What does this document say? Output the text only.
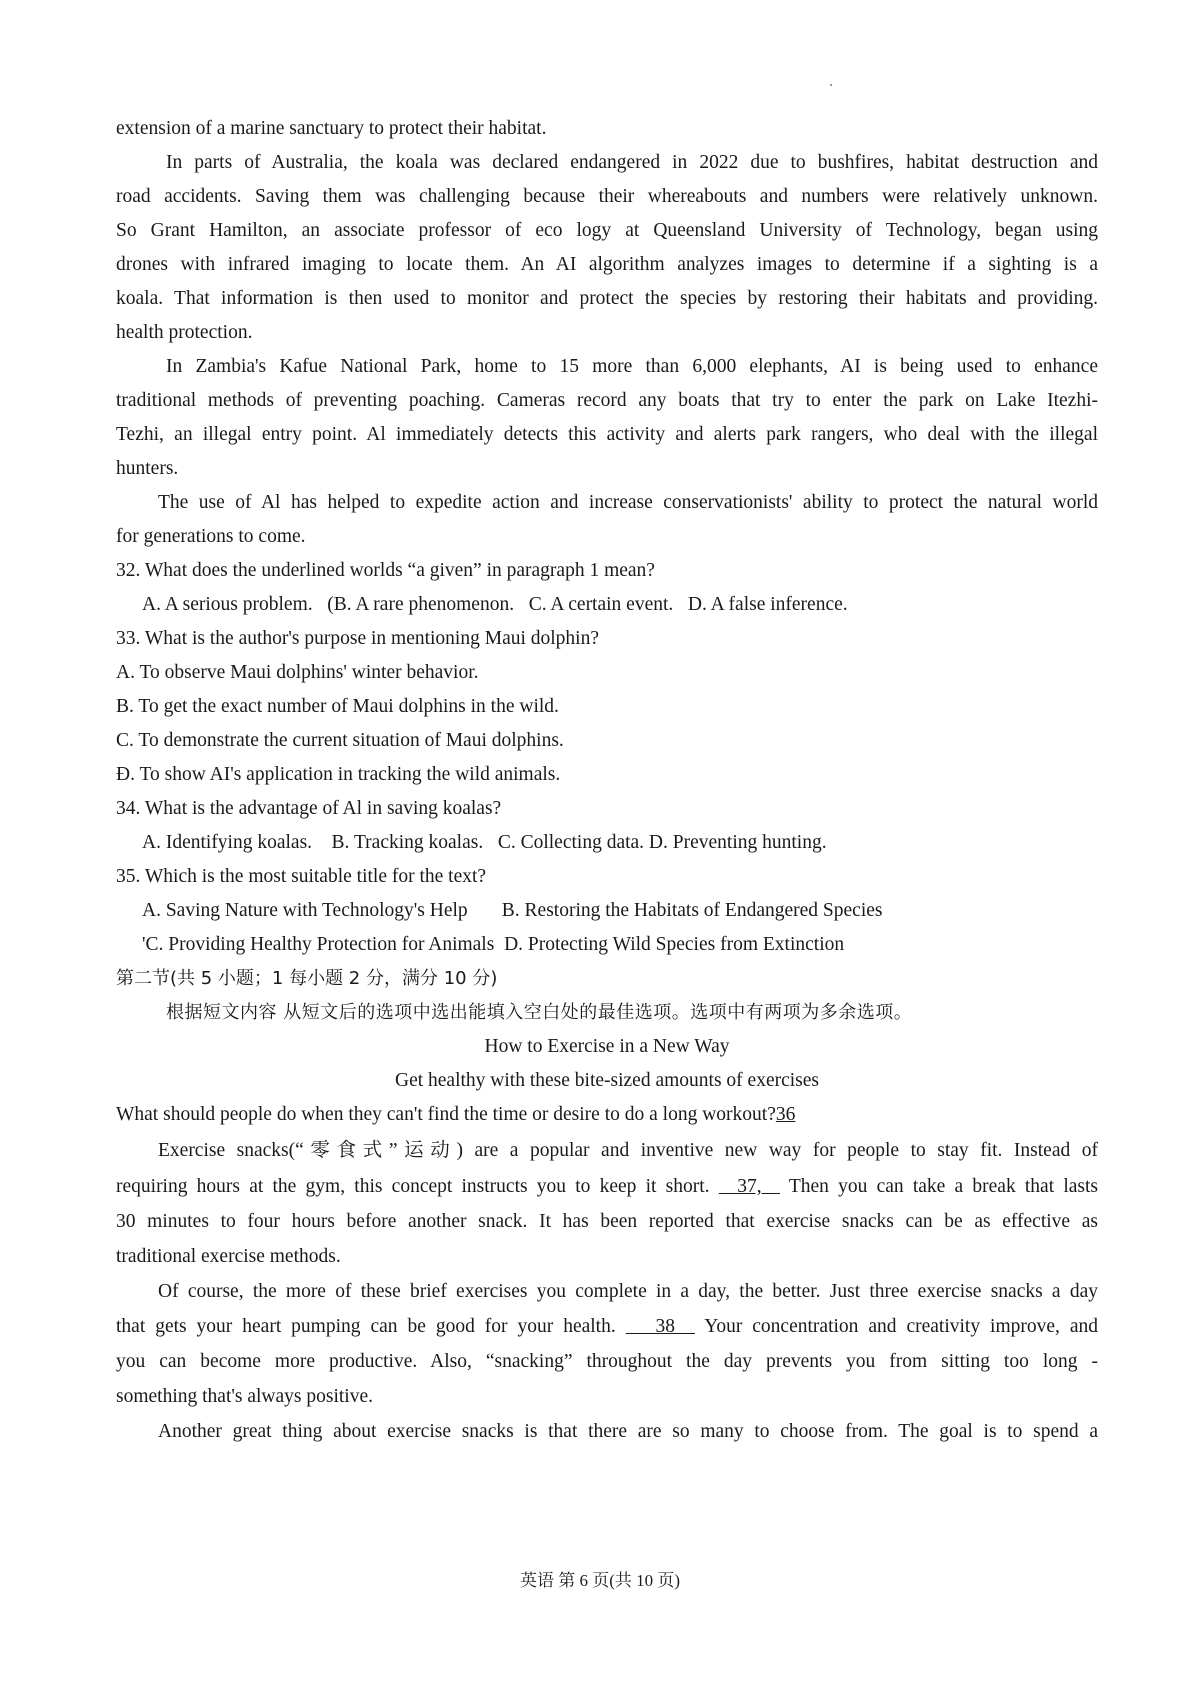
extension of a marine sanctuary to protect their habitat.
In parts of Australia, the koala was declared endangered in 2022 due to bushfires, habitat destruction and
road accidents. Saving them was challenging because their whereabouts and numbers were relatively unknown.
So Grant Hamilton, an associate professor of eco logy at Queensland University of Technology, began using
drones with infrared imaging to locate them. An AI algorithm analyzes images to determine if a sighting is a
koala. That information is then used to monitor and protect the species by restoring their habitats and providing.
health protection.
In Zambia's Kafue National Park, home to 15 more than 6,000 elephants, AI is being used to enhance
traditional methods of preventing poaching. Cameras record any boats that try to enter the park on Lake Itezhi-
Tezhi, an illegal entry point. Al immediately detects this activity and alerts park rangers, who deal with the illegal
hunters.
The use of Al has helped to expedite action and increase conservationists' ability to protect the natural world
for generations to come.
32. What does the underlined worlds “a given” in paragraph 1 mean?
A. A serious problem.   (B. A rare phenomenon.   C. A certain event.   D. A false inference.
33. What is the author's purpose in mentioning Maui dolphin?
A. To observe Maui dolphins' winter behavior.
B. To get the exact number of Maui dolphins in the wild.
C. To demonstrate the current situation of Maui dolphins.
Đ. To show AI's application in tracking the wild animals.
34. What is the advantage of Al in saving koalas?
A. Identifying koalas.    B. Tracking koalas.   C. Collecting data. D. Preventing hunting.
35. Which is the most suitable title for the text?
A. Saving Nature with Technology's Help       B. Restoring the Habitats of Endangered Species
'C. Providing Healthy Protection for Animals  D. Protecting Wild Species from Extinction
第二节(共 5 小题；1 每小题 2 分，满分 10 分)
根据短文内容 从短文后的选项中选出能填入空白处的最佳选项。选项中有两项为多余选项。
How to Exercise in a New Way
Get healthy with these bite-sized amounts of exercises
What should people do when they can't find the time or desire to do a long workout?36
Exercise snacks(“零食式”运动) are a popular and inventive new way for people to stay fit. Instead of
requiring hours at the gym, this concept instructs you to keep it short.   37,   Then you can take a break that lasts
30 minutes to four hours before another snack. It has been reported that exercise snacks can be as effective as
traditional exercise methods.
Of course, the more of these brief exercises you complete in a day, the better. Just three exercise snacks a day
that gets your heart pumping can be good for your health.    38   Your concentration and creativity improve, and
you can become more productive. Also, “snacking” throughout the day prevents you from sitting too long -
something that's always positive.
Another great thing about exercise snacks is that there are so many to choose from. The goal is to spend a
英语 第 6 页(共 10 页)
